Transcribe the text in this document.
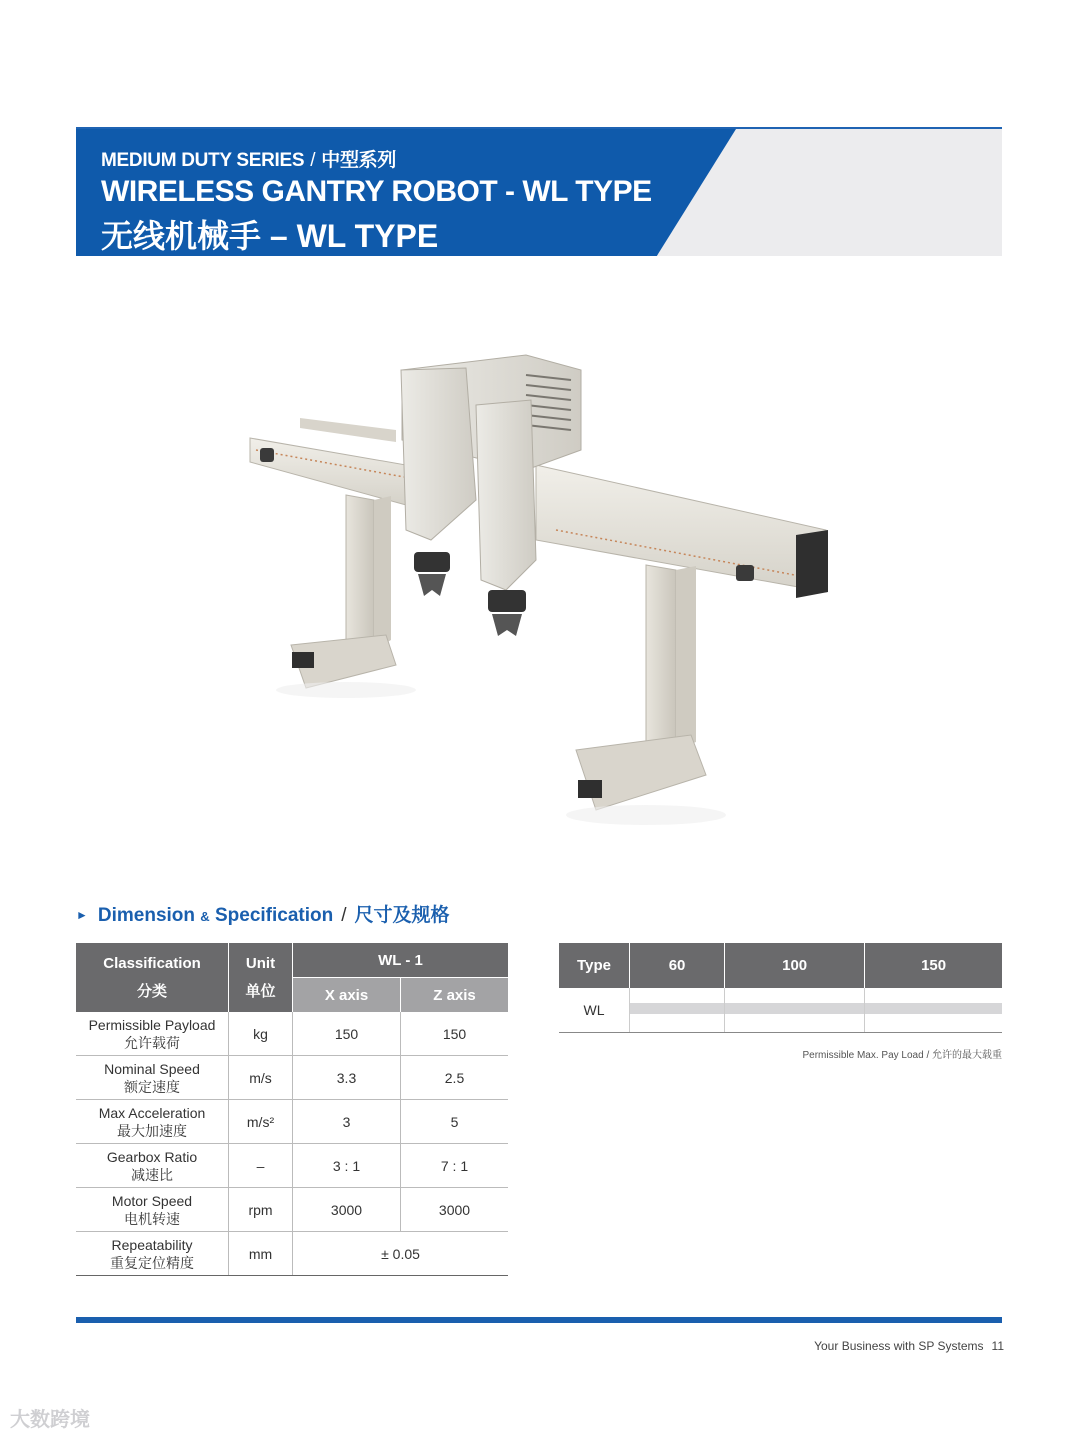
MEDIUM DUTY SERIES / 中型系列
WIRELESS GANTRY ROBOT - WL TYPE
无线机械手 – WL TYPE
► Dimension & Specification / 尺寸及规格
Classification
分类	Unit
单位	WL - 1	
		X axis	Z axis

Permissible Payload
允许载荷	kg	150	150

Nominal Speed
额定速度	m/s	3.3	2.5

Max Acceleration
最大加速度	m/s²	3	5

Gearbox Ratio
减速比	–	3 : 1	7 : 1

Motor Speed
电机转速	rpm	3000	3000

Repeatability
重复定位精度	mm	± 0.05	
Type	60	100	150
WL			
Permissible Max. Pay Load / 允许的最大载重
Your Business with SP Systems 11
大数跨境
